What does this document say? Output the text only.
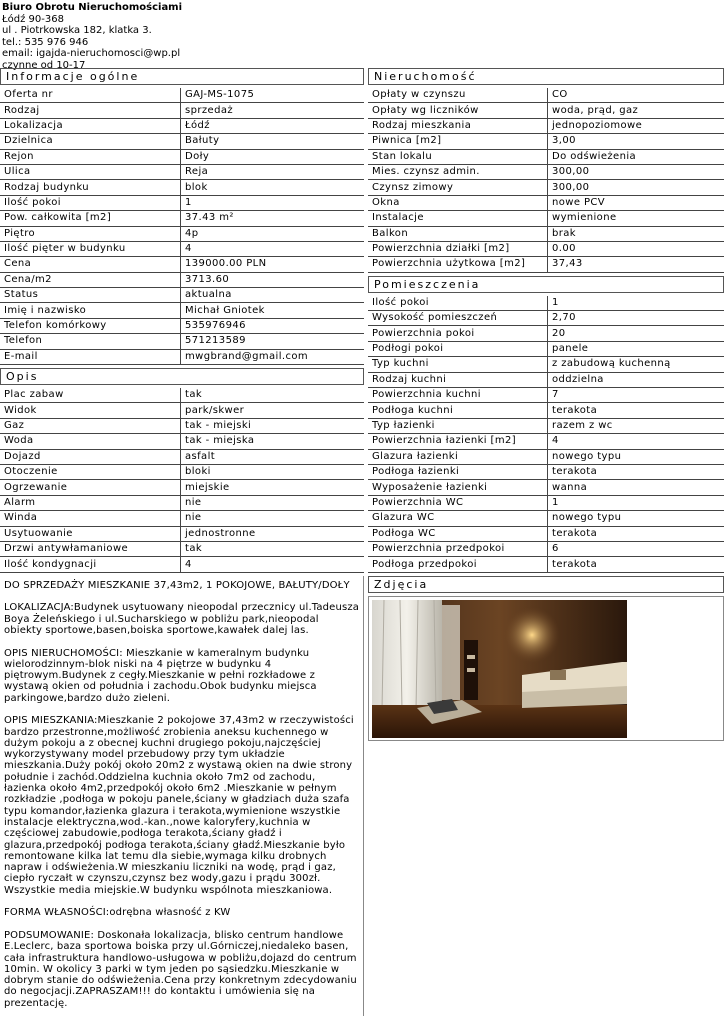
Biuro Obrotu Nieruchomościami
Łódź 90-368
ul . Piotrkowska 182, klatka 3.
tel.: 535 976 946
email: igajda-nieruchomosci@wp.pl
czynne od 10-17
Informacje ogólne
Oferta nr	GAJ-MS-1075
Rodzaj	sprzedaż
Lokalizacja	Łódź
Dzielnica	Bałuty
Rejon	Doły
Ulica	Reja
Rodzaj budynku	blok
Ilość pokoi	1
Pow. całkowita [m2]	37.43 m²
Piętro	4p
Ilość pięter w budynku	4
Cena	139000.00 PLN
Cena/m2	3713.60
Status	aktualna
Imię i nazwisko	Michał Gniotek
Telefon komórkowy	535976946
Telefon	571213589
E-mail	mwgbrand@gmail.com
Opis
Plac zabaw	tak
Widok	park/skwer
Gaz	tak - miejski
Woda	tak - miejska
Dojazd	asfalt
Otoczenie	bloki
Ogrzewanie	miejskie
Alarm	nie
Winda	nie
Usytuowanie	jednostronne
Drzwi antywłamaniowe	tak
Ilość kondygnacji	4

DO SPRZEDAŻY MIESZKANIE 37,43m2, 1 POKOJOWE, BAŁUTY/DOŁY

LOKALIZACJA:Budynek usytuowany nieopodal przecznicy ul.Tadeusza Boya Żeleńskiego i ul.Sucharskiego w pobliżu park,nieopodal obiekty sportowe,basen,boiska sportowe,kawałek dalej las.

OPIS NIERUCHOMOŚCI: Mieszkanie w kameralnym budynku wielorodzinnym-blok niski na 4 piętrze w budynku 4 piętrowym.Budynek z cegły.Mieszkanie w pełni rozkładowe z wystawą okien od południa i zachodu.Obok budynku miejsca parkingowe,bardzo dużo zieleni.

OPIS MIESZKANIA:Mieszkanie 2 pokojowe 37,43m2 w rzeczywistości bardzo przestronne,możliwość zrobienia aneksu kuchennego w dużym pokoju a z obecnej kuchni drugiego pokoju,najczęściej wykorzystywany model przebudowy przy tym układzie mieszkania.Duży pokój około 20m2 z wystawą okien na dwie strony południe i zachód.Oddzielna kuchnia około 7m2 od zachodu, łazienka około 4m2,przedpokój około 6m2 .Mieszkanie w pełnym rozkładzie ,podłoga w pokoju panele,ściany w gładziach duża szafa typu komandor,łazienka glazura i terakota,wymienione wszystkie instalacje elektryczna,wod.-kan.,nowe kaloryfery,kuchnia w częściowej zabudowie,podłoga terakota,ściany gładź i glazura,przedpokój podłoga terakota,ściany gładź.Mieszkanie było remontowane kilka lat temu dla siebie,wymaga kilku drobnych napraw i odświeżenia.W mieszkaniu liczniki na wodę, prąd i gaz, ciepło ryczałt w czynszu,czynsz bez wody,gazu i prądu 300zł. Wszystkie media miejskie.W budynku wspólnota mieszkaniowa.

FORMA WŁASNOŚCI:odrębna własność z KW

PODSUMOWANIE: Doskonała lokalizacja, blisko centrum handlowe E.Leclerc, baza sportowa boiska przy ul.Górniczej,niedaleko basen, cała infrastruktura handlowo-usługowa w pobliżu,dojazd do centrum 10min. W okolicy 3 parki w tym jeden po sąsiedzku.Mieszkanie w dobrym stanie do odświeżenia.Cena przy konkretnym zdecydowaniu do negocjacji.ZAPRASZAM!!! do kontaktu i umówienia się na prezentację.

Nieruchomość
Opłaty w czynszu	CO
Opłaty wg liczników	woda, prąd, gaz
Rodzaj mieszkania	jednopoziomowe
Piwnica [m2]	3,00
Stan lokalu	Do odświeżenia
Mies. czynsz admin.	300,00
Czynsz zimowy	300,00
Okna	nowe PCV
Instalacje	wymienione
Balkon	brak
Powierzchnia działki [m2]	0.00
Powierzchnia użytkowa [m2]	37,43
Pomieszczenia
Ilość pokoi	1
Wysokość pomieszczeń	2,70
Powierzchnia pokoi	20
Podłogi pokoi	panele
Typ kuchni	z zabudową kuchenną
Rodzaj kuchni	oddzielna
Powierzchnia kuchni	7
Podłoga kuchni	terakota
Typ łazienki	razem z wc
Powierzchnia łazienki [m2]	4
Glazura łazienki	nowego typu
Podłoga łazienki	terakota
Wyposażenie łazienki	wanna
Powierzchnia WC	1
Glazura WC	nowego typu
Podłoga WC	terakota
Powierzchnia przedpokoi	6
Podłoga przedpokoi	terakota
Zdjęcia
